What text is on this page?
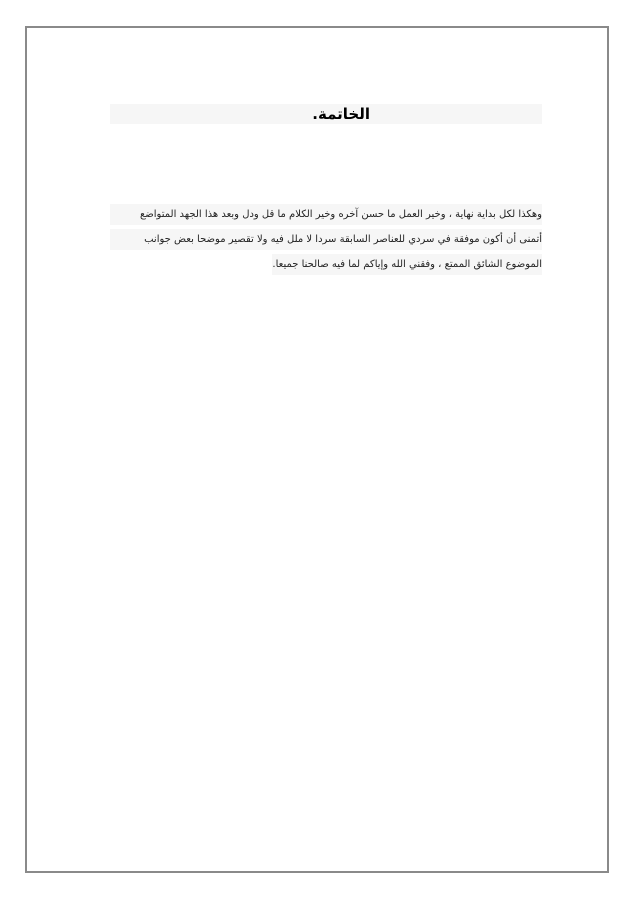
الخاتمة.
وهكذا لكل بداية نهاية ، وخير العمل ما حسن آخره وخير الكلام ما قل ودل وبعد هذا الجهد المتواضع
أتمنى أن أكون موفقة في سردي للعناصر السابقة سردا لا ملل فيه ولا تقصير موضحا بعض جوانب
الموضوع الشائق الممتع ، وفقني الله وإياكم لما فيه صالحنا جميعا.
